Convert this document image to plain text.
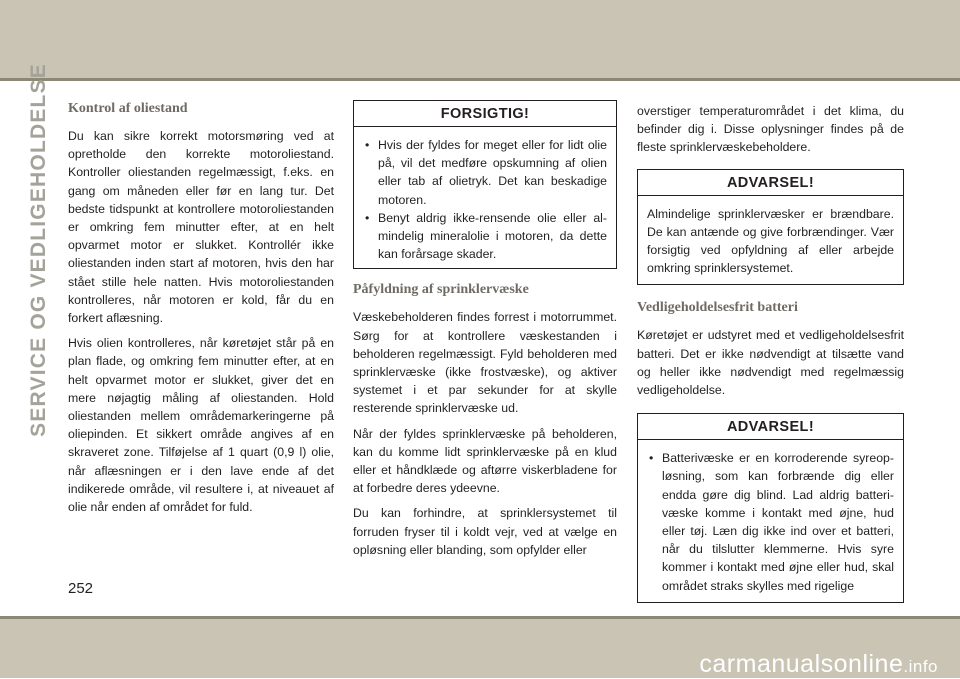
SERVICE OG VEDLIGEHOLDELSE Kontrol af oliestand

Du kan sikre korrekt motorsmøring ved at opretholde den korrekte motoroliestand. Kontroller oliestanden regelmæssigt, f.eks. en gang om måneden eller før en lang tur. Det bedste tidspunkt at kontrollere motoroliestanden er omkring fem minutter efter, at en helt opvarmet motor er slukket. Kontrollér ikke oliestanden inden start af motoren, hvis den har stået stille hele natten. Hvis motoroliestanden kontrolleres, når motoren er kold, får du en forkert aflæsning.

Hvis olien kontrolleres, når køretøjet står på en plan flade, og omkring fem minutter efter, at en helt opvarmet motor er slukket, giver det en mere nøjagtig måling af oliestanden. Hold oliestanden mellem områdemarkeringerne på oliepinden. Et sikkert område angives af en skraveret zone. Tilføjelse af 1 quart (0,9 l) olie, når aflæsningen er i den lave ende af det indikerede område, vil resultere i, at niveauet af olie når enden af området for fuld.

FORSIGTIG!
• Hvis der fyldes for meget eller for lidt olie på, vil det medføre opskumning af olien eller tab af olietryk. Det kan beskadige motoren.
• Benyt aldrig ikke-rensende olie eller almindelig mineralolie i motoren, da dette kan forårsage skader.
Påfyldning af sprinklervæske

Væskebeholderen findes forrest i motorrummet. Sørg for at kontrollere væskestanden i beholderen regelmæssigt. Fyld beholderen med sprinklervæske (ikke frostvæske), og aktiver systemet i et par sekunder for at skylle resterende sprinklervæske ud.

Når der fyldes sprinklervæske på beholderen, kan du komme lidt sprinklervæske på en klud eller et håndklæde og aftørre viskerbladene for at forbedre deres ydeevne.

Du kan forhindre, at sprinklersystemet til forruden fryser til i koldt vejr, ved at vælge en opløsning eller blanding, som opfylder eller

overstiger temperaturområdet i det klima, du befinder dig i. Disse oplysninger findes på de fleste sprinklervæskebeholdere.

ADVARSEL!

Almindelige sprinklervæsker er brændbare. De kan antænde og give forbrændinger. Vær forsigtig ved opfyldning af eller arbejde omkring sprinklersystemet.

Vedligeholdelsesfrit batteri

Køretøjet er udstyret med et vedligeholdelsesfrit batteri. Det er ikke nødvendigt at tilsætte vand og heller ikke nødvendigt med regelmæssig vedligeholdelse.

ADVARSEL!
• Batterivæske er en korroderende syreopløsning, som kan forbrænde dig eller endda gøre dig blind. Lad aldrig batterivæske komme i kontakt med øjne, hud eller tøj. Læn dig ikke ind over et batteri, når du tilslutter klemmerne. Hvis syre kommer i kontakt med øjne eller hud, skal området straks skylles med rigelige
252
carmanualsonline.info
